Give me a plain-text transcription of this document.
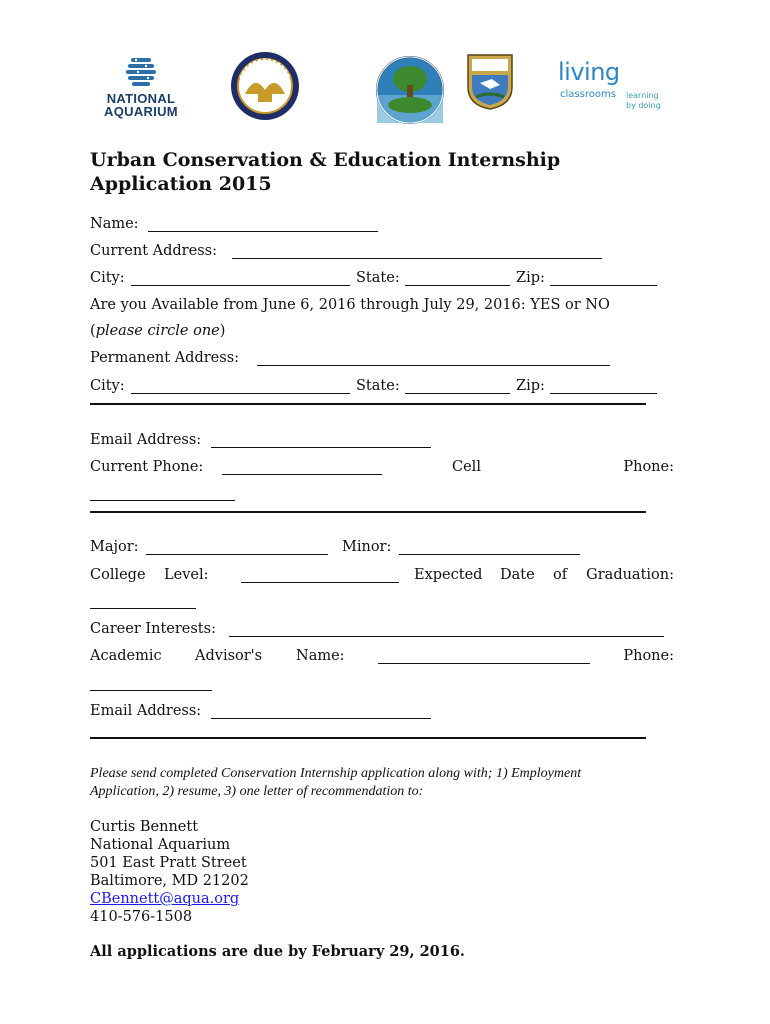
NATIONAL
AQUARIUM
living
classrooms learning
by doing
Urban Conservation & Education Internship Application 2015
Name:
Current Address:
City:	State:	Zip:
Are you Available from June 6, 2016 through July 29, 2016: YES or NO
(please circle one)
Permanent Address:
City:	State:	Zip:
Email Address:
Current Phone:	Cell	Phone:
Major:	Minor:
College Level:	Expected Date of Graduation:
Career Interests:
Academic Advisor's Name:	Phone:
Email Address:
Please send completed Conservation Internship application along with; 1) Employment Application, 2) resume, 3) one letter of recommendation to:
Curtis Bennett
National Aquarium
501 East Pratt Street
Baltimore, MD 21202
CBennett@aqua.org
410-576-1508
All applications are due by February 29, 2016.
